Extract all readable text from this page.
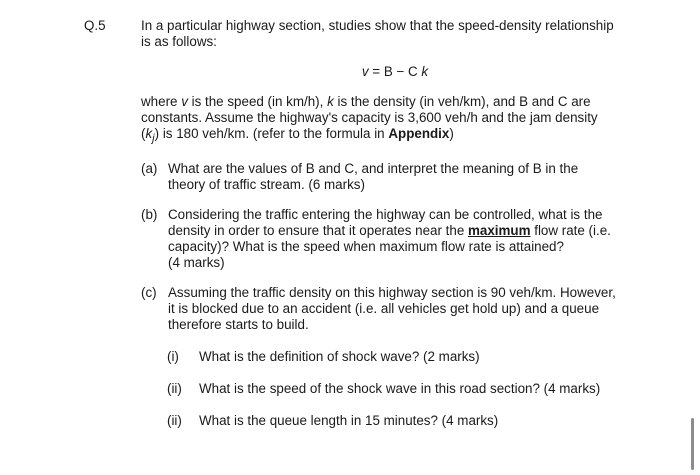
Q.5	In a particular highway section, studies show that the speed-density relationship is as follows:
v = B − C k
where v is the speed (in km/h), k is the density (in veh/km), and B and C are constants. Assume the highway's capacity is 3,600 veh/h and the jam density $(k_j)$ is 180 veh/km. (refer to the formula in Appendix)
(a) What are the values of B and C, and interpret the meaning of B in the theory of traffic stream. (6 marks)
(b) Considering the traffic entering the highway can be controlled, what is the density in order to ensure that it operates near the maximum flow rate (i.e. capacity)? What is the speed when maximum flow rate is attained?
(4 marks)
(c) Assuming the traffic density on this highway section is 90 veh/km. However, it is blocked due to an accident (i.e. all vehicles get hold up) and a queue therefore starts to build.
(i)	What is the definition of shock wave? (2 marks)
(ii)	What is the speed of the shock wave in this road section? (4 marks)
(ii)	What is the queue length in 15 minutes? (4 marks)
